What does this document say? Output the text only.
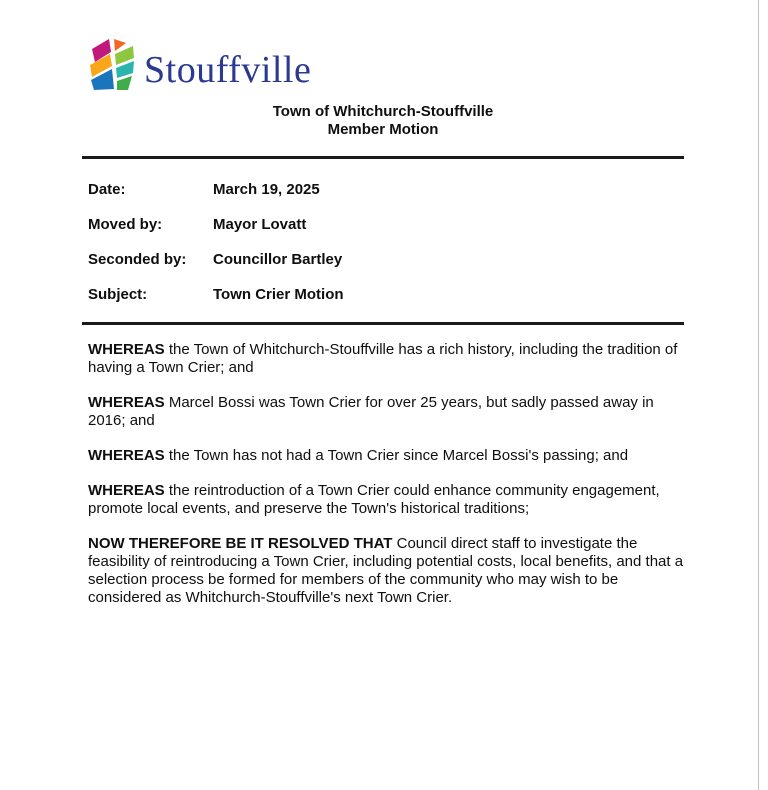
Stouffville
Town of Whitchurch-Stouffville
Member Motion
Date:	March 19, 2025
Moved by:	Mayor Lovatt
Seconded by:	Councillor Bartley
Subject:	Town Crier Motion

WHEREAS the Town of Whitchurch-Stouffville has a rich history, including the tradition of having a Town Crier; and

WHEREAS Marcel Bossi was Town Crier for over 25 years, but sadly passed away in 2016; and

WHEREAS the Town has not had a Town Crier since Marcel Bossi's passing; and

WHEREAS the reintroduction of a Town Crier could enhance community engagement, promote local events, and preserve the Town's historical traditions;

NOW THEREFORE BE IT RESOLVED THAT Council direct staff to investigate the feasibility of reintroducing a Town Crier, including potential costs, local benefits, and that a selection process be formed for members of the community who may wish to be considered as Whitchurch-Stouffville's next Town Crier.
